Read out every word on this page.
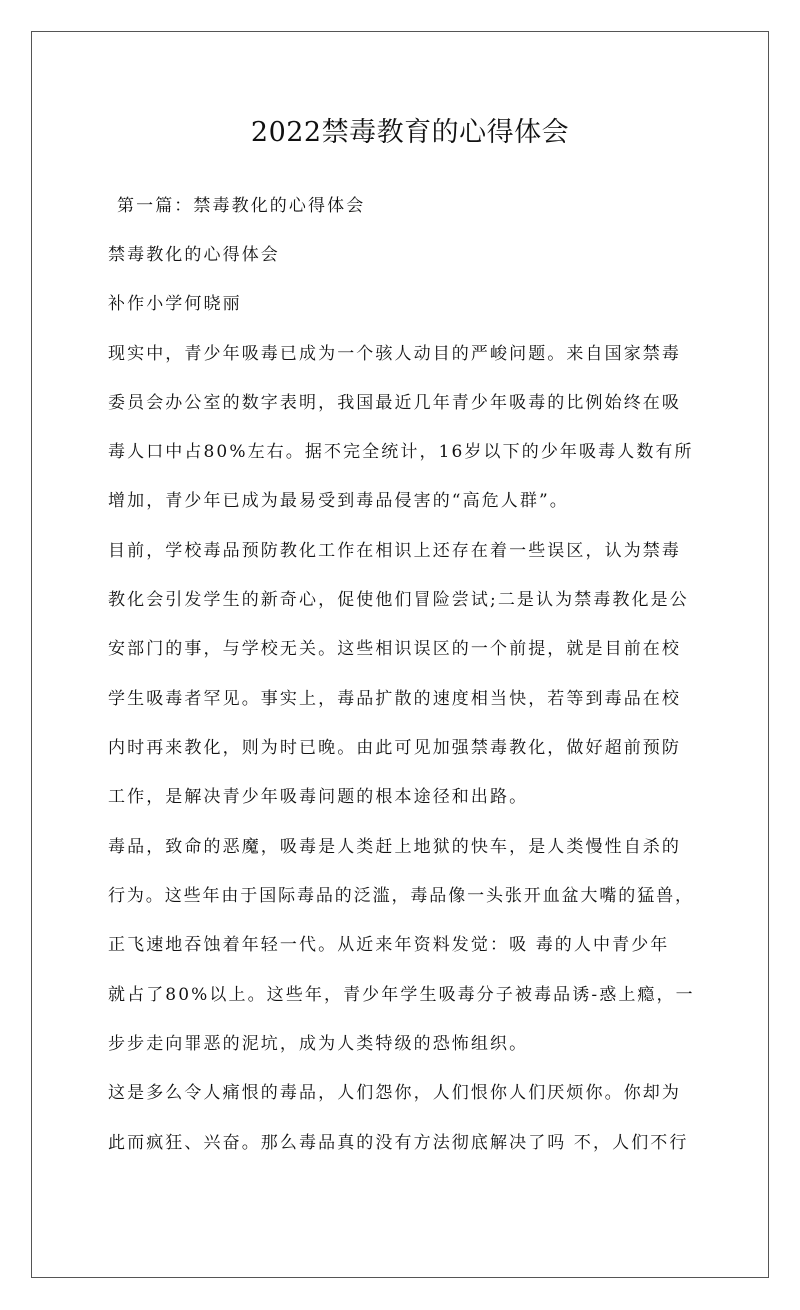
2022禁毒教育的心得体会

第一篇：禁毒教化的心得体会

禁毒教化的心得体会

补作小学何晓丽

现实中，青少年吸毒已成为一个骇人动目的严峻问题。来自国家禁毒

委员会办公室的数字表明，我国最近几年青少年吸毒的比例始终在吸

毒人口中占80%左右。据不完全统计，16岁以下的少年吸毒人数有所

增加，青少年已成为最易受到毒品侵害的“高危人群”。

目前，学校毒品预防教化工作在相识上还存在着一些误区，认为禁毒

教化会引发学生的新奇心，促使他们冒险尝试;二是认为禁毒教化是公

安部门的事，与学校无关。这些相识误区的一个前提，就是目前在校

学生吸毒者罕见。事实上，毒品扩散的速度相当快，若等到毒品在校

内时再来教化，则为时已晚。由此可见加强禁毒教化，做好超前预防

工作，是解决青少年吸毒问题的根本途径和出路。

毒品，致命的恶魔，吸毒是人类赶上地狱的快车，是人类慢性自杀的

行为。这些年由于国际毒品的泛滥，毒品像一头张开血盆大嘴的猛兽，

正飞速地吞蚀着年轻一代。从近来年资料发觉：吸 毒的人中青少年

就占了80%以上。这些年，青少年学生吸毒分子被毒品诱-惑上瘾，一

步步走向罪恶的泥坑，成为人类特级的恐怖组织。

这是多么令人痛恨的毒品，人们怨你，人们恨你人们厌烦你。你却为

此而疯狂、兴奋。那么毒品真的没有方法彻底解决了吗 不，人们不行
